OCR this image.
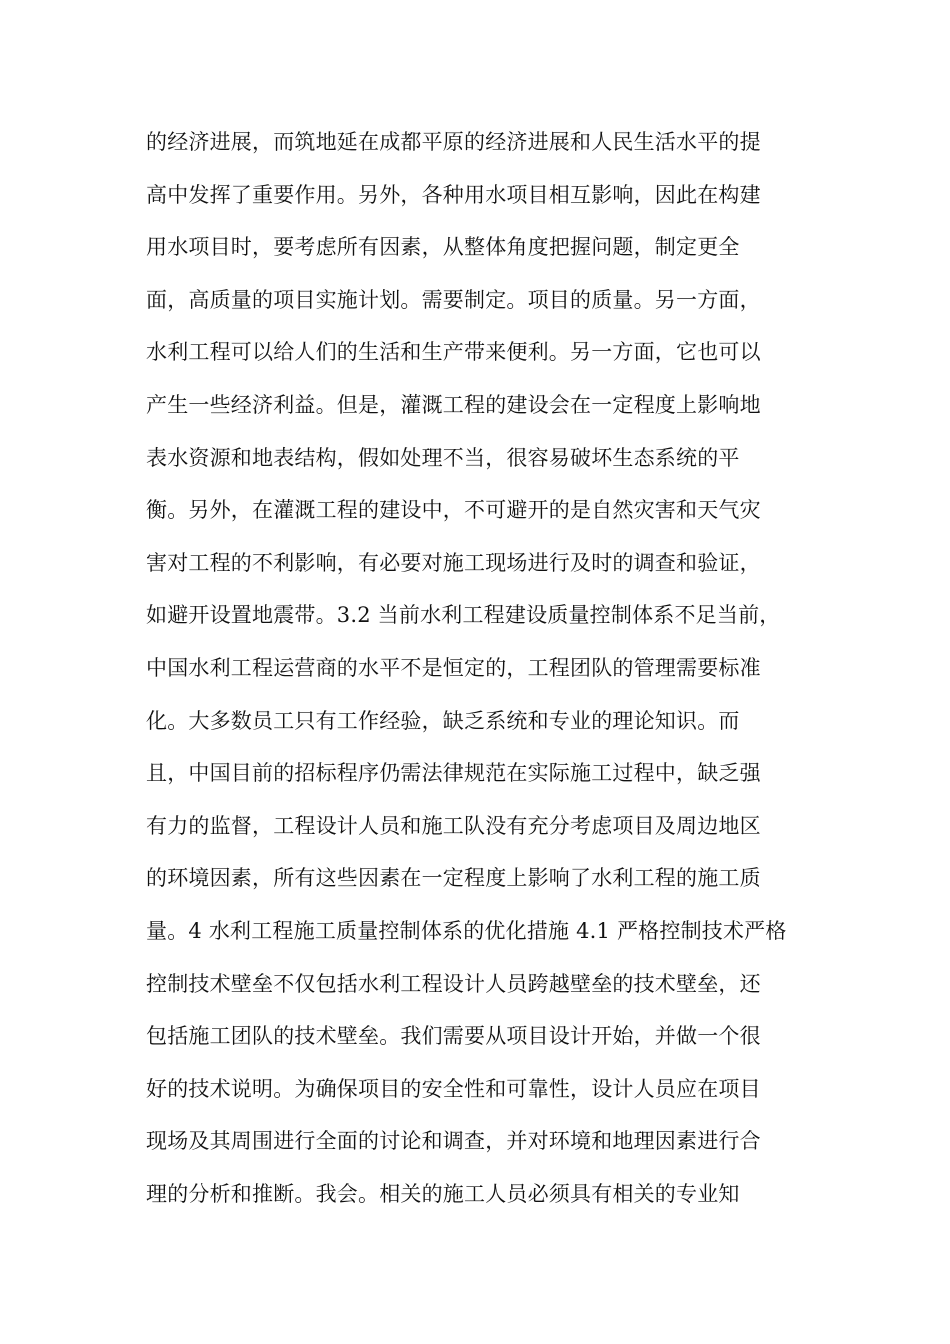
的经济进展，而筑地延在成都平原的经济进展和人民生活水平的提
高中发挥了重要作用。另外，各种用水项目相互影响，因此在构建
用水项目时，要考虑所有因素，从整体角度把握问题，制定更全
面，高质量的项目实施计划。需要制定。项目的质量。另一方面，
水利工程可以给人们的生活和生产带来便利。另一方面，它也可以
产生一些经济利益。但是，灌溉工程的建设会在一定程度上影响地
表水资源和地表结构，假如处理不当，很容易破坏生态系统的平
衡。另外，在灌溉工程的建设中，不可避开的是自然灾害和天气灾
害对工程的不利影响，有必要对施工现场进行及时的调查和验证，
如避开设置地震带。3.2 当前水利工程建设质量控制体系不足当前，
中国水利工程运营商的水平不是恒定的，工程团队的管理需要标准
化。大多数员工只有工作经验，缺乏系统和专业的理论知识。而
且，中国目前的招标程序仍需法律规范在实际施工过程中，缺乏强
有力的监督，工程设计人员和施工队没有充分考虑项目及周边地区
的环境因素，所有这些因素在一定程度上影响了水利工程的施工质
量。4 水利工程施工质量控制体系的优化措施 4.1 严格控制技术严格
控制技术壁垒不仅包括水利工程设计人员跨越壁垒的技术壁垒，还
包括施工团队的技术壁垒。我们需要从项目设计开始，并做一个很
好的技术说明。为确保项目的安全性和可靠性，设计人员应在项目
现场及其周围进行全面的讨论和调查，并对环境和地理因素进行合
理的分析和推断。我会。相关的施工人员必须具有相关的专业知
